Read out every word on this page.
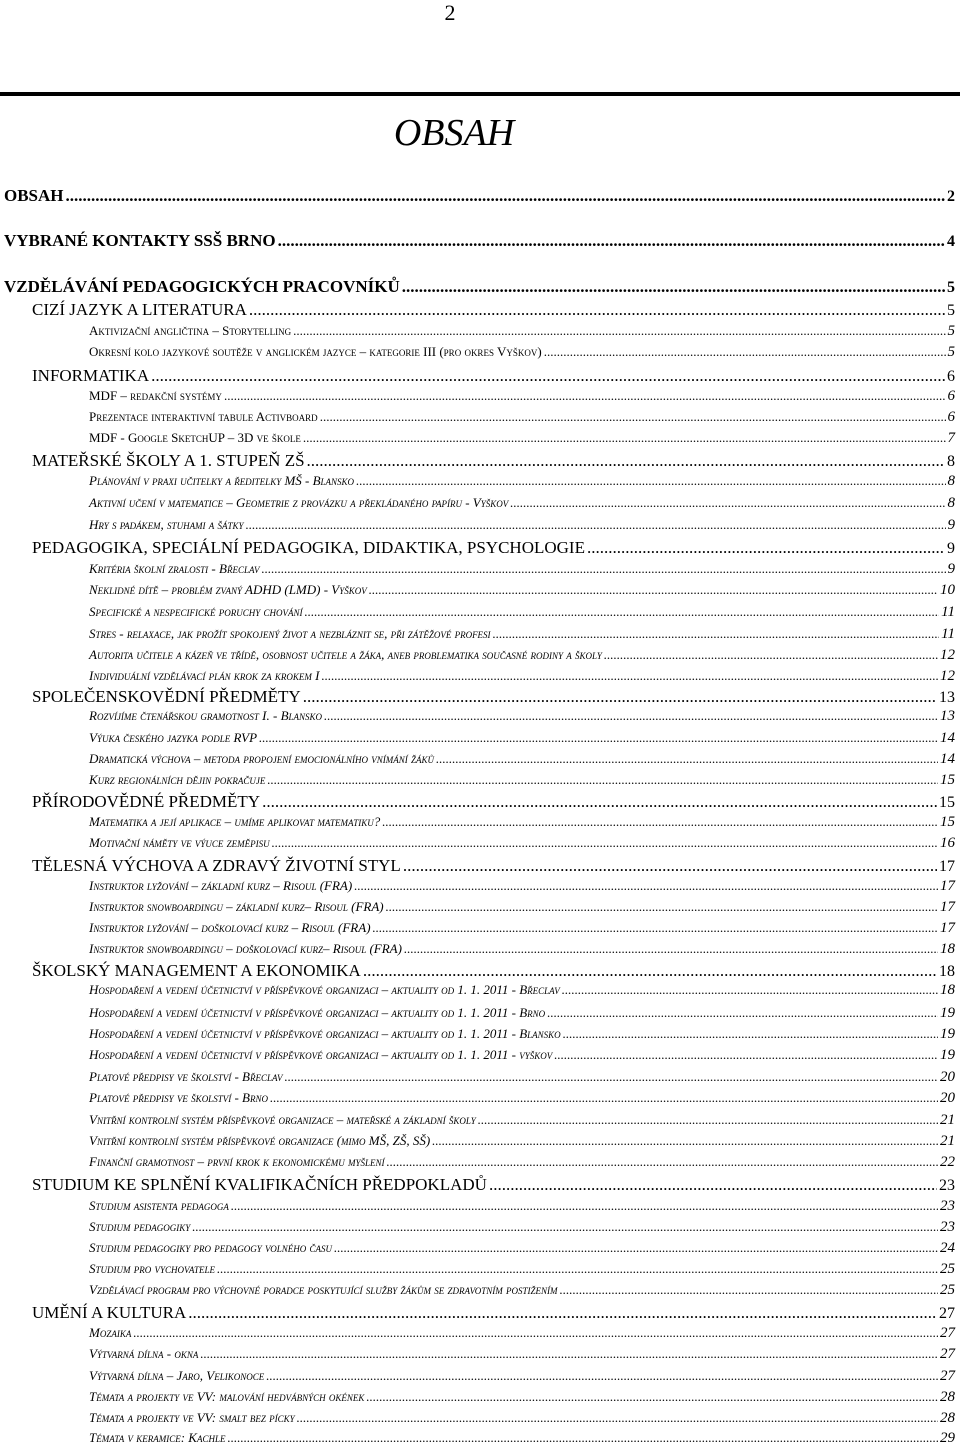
2
OBSAH
OBSAH .....	2
VYBRANÉ KONTAKTY SSŠ BRNO .....	4
VZDĚLÁVÁNÍ PEDAGOGICKÝCH PRACOVNÍKŮ .....	5
CIZÍ JAZYK A LITERATURA .....	5
Aktivizační angličtina – Storytelling .....	5
Okresní kolo jazykové soutěže v anglickém jazyce – kategorie III (pro okres Vyškov) .....	5
INFORMATIKA .....	6
MDF – redakční systémy .....	6
Prezentace interaktivní tabule Activboard .....	6
MDF - Google SketchUP – 3D ve škole .....	7
MATEŘSKÉ ŠKOLY A 1. STUPEŇ ZŠ .....	8
Plánování v praxi učitelky a ředitelky MŠ - Blansko .....	8
Aktivní učení v matematice – Geometrie z provázku a překládaného papíru - Vyškov .....	8
Hry s padákem, stuhami a šátky .....	9
PEDAGOGIKA, SPECIÁLNÍ PEDAGOGIKA, DIDAKTIKA, PSYCHOLOGIE .....	9
Kritéria školní zralosti - Břeclav .....	9
Neklidné dítě – problém zvaný ADHD (LMD) - Vyškov .....	10
Specifické a nespecifické poruchy chování .....	11
Stres - relaxace, jak prožít spokojený život a nezbláznit se, při zátěžové profesi .....	11
Autorita učitele a kázeň ve třídě, osobnost učitele a žáka, aneb problematika současné rodiny a školy .....	12
Individuální vzdělávací plán krok za krokem I .....	12
SPOLEČENSKOVĚDNÍ PŘEDMĚTY .....	13
Rozvíjíme čtenářskou gramotnost I. - Blansko .....	13
Výuka českého jazyka podle RVP .....	14
Dramatická výchova – metoda propojení emocionálního vnímání žáků .....	14
Kurz regionálních dějin pokračuje .....	15
PŘÍRODOVĚDNÉ PŘEDMĚTY .....	15
Matematika a její aplikace – umíme aplikovat matematiku? .....	15
Motivační náměty ve výuce zeměpisu .....	16
TĚLESNÁ VÝCHOVA A ZDRAVÝ ŽIVOTNÍ STYL .....	17
Instruktor lyžování – základní kurz – Risoul (FRA) .....	17
Instruktor snowboardingu – základní kurz– Risoul (FRA) .....	17
Instruktor lyžování – doškolovací kurz – Risoul (FRA) .....	17
Instruktor snowboardingu – doškolovací kurz– Risoul (FRA) .....	18
ŠKOLSKÝ MANAGEMENT A EKONOMIKA .....	18
Hospodaření a vedení účetnictví v příspěvkové organizaci – aktuality od 1. 1. 2011 - Břeclav .....	18
Hospodaření a vedení účetnictví v příspěvkové organizaci – aktuality od 1. 1. 2011 - Brno .....	19
Hospodaření a vedení účetnictví v příspěvkové organizaci – aktuality od 1. 1. 2011 - Blansko .....	19
Hospodaření a vedení účetnictví v příspěvkové organizaci – aktuality od 1. 1. 2011 - vyškov .....	19
Platové předpisy ve školství - Břeclav .....	20
Platové předpisy ve školství - Brno .....	20
Vnitřní kontrolní systém příspěvkové organizace – mateřské a základní školy .....	21
Vnitřní kontrolní systém příspěvkové organizace (mimo MŠ, ZŠ, SŠ) .....	21
Finanční gramotnost – první krok k ekonomickému myšlení .....	22
STUDIUM KE SPLNĚNÍ KVALIFIKAČNÍCH PŘEDPOKLADŮ .....	23
Studium asistenta pedagoga .....	23
Studium pedagogiky .....	23
Studium pedagogiky pro pedagogy volného času .....	24
Studium pro vychovatele .....	25
Vzdělávací program pro výchovné poradce poskytující služby žákům se zdravotním postižením .....	25
UMĚNÍ A KULTURA .....	27
Mozaika .....	27
Výtvarná dílna - okna .....	27
Výtvarná dílna – Jaro, Velikonoce .....	27
Témata a projekty ve VV: malování hedvábných okének .....	28
Témata a projekty ve VV: smalt bez pícky .....	28
Témata v keramice: Kachle .....	29
